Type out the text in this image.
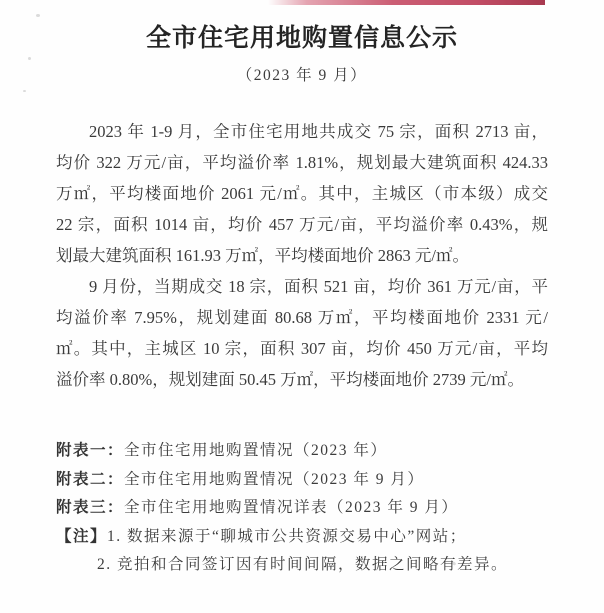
全市住宅用地购置信息公示
（2023 年 9 月）
2023 年 1-9 月，全市住宅用地共成交 75 宗，面积 2713 亩，
均价 322 万元/亩，平均溢价率 1.81%，规划最大建筑面积 424.33
万㎡，平均楼面地价 2061 元/㎡。其中，主城区（市本级）成交
22 宗，面积 1014 亩，均价 457 万元/亩，平均溢价率 0.43%，规
划最大建筑面积 161.93 万㎡，平均楼面地价 2863 元/㎡。
9 月份，当期成交 18 宗，面积 521 亩，均价 361 万元/亩，平
均溢价率 7.95%，规划建面 80.68 万㎡，平均楼面地价 2331 元/
㎡。其中，主城区 10 宗，面积 307 亩，均价 450 万元/亩，平均
溢价率 0.80%，规划建面 50.45 万㎡，平均楼面地价 2739 元/㎡。
附表一：全市住宅用地购置情况（2023 年）
附表二：全市住宅用地购置情况（2023 年 9 月）
附表三：全市住宅用地购置情况详表（2023 年 9 月）
【注】1. 数据来源于“聊城市公共资源交易中心”网站；
2. 竞拍和合同签订因有时间间隔，数据之间略有差异。
